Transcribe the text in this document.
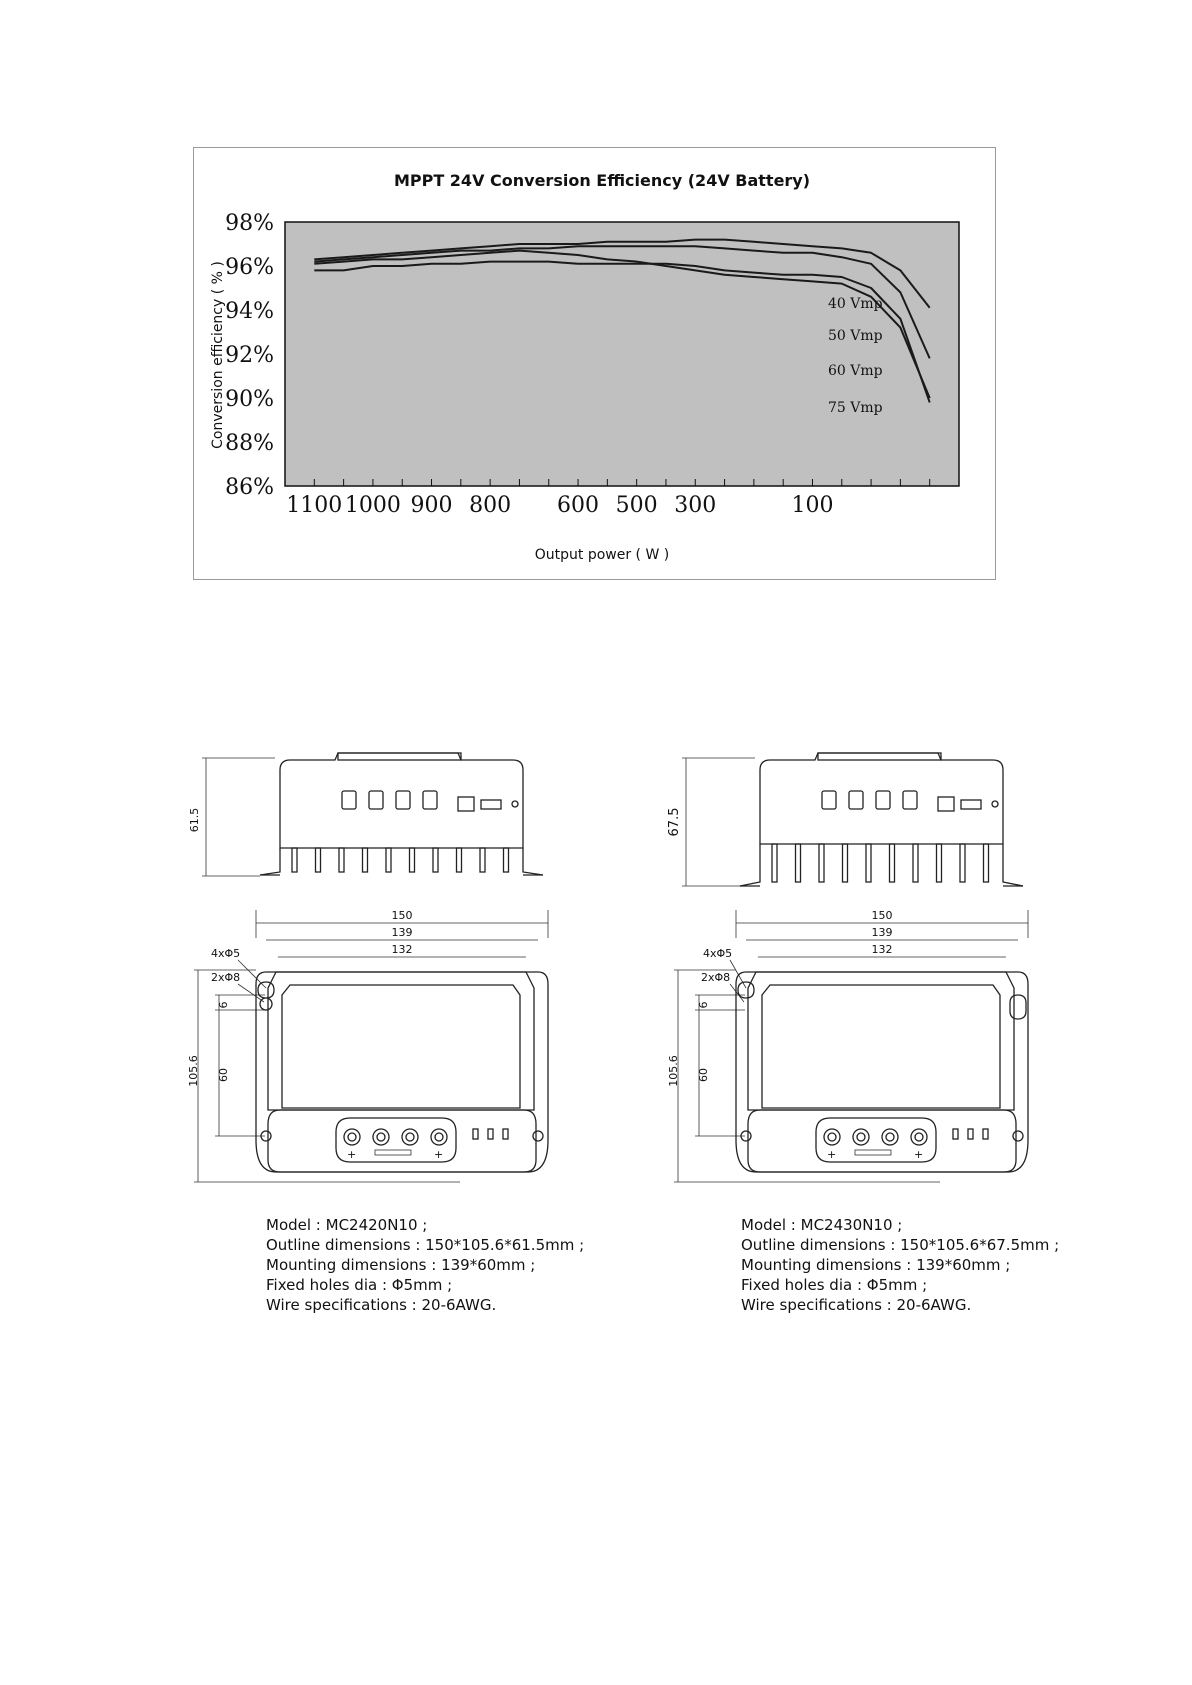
MPPT 24V Conversion Efficiency (24V Battery)
98%
96%
94%
92%
90%
88%
86%
1100 1000 900 800 600 500 300	100
40 Vmp
50 Vmp
60 Vmp
75 Vmp
Output power ( W )
Conversion efficiency ( % )
61.5
150
139
132
4xΦ5
2xΦ8
105.6
6
60
+	+
67.5
150
139
132
4xΦ5
2xΦ8
105.6
6
60
+	+
Model : MC2420N10 ;
Outline dimensions : 150*105.6*61.5mm ;
Mounting dimensions : 139*60mm ;
Fixed holes dia : Φ5mm ;
Wire specifications : 20-6AWG.
Model : MC2430N10 ;
Outline dimensions : 150*105.6*67.5mm ;
Mounting dimensions : 139*60mm ;
Fixed holes dia : Φ5mm ;
Wire specifications : 20-6AWG.
